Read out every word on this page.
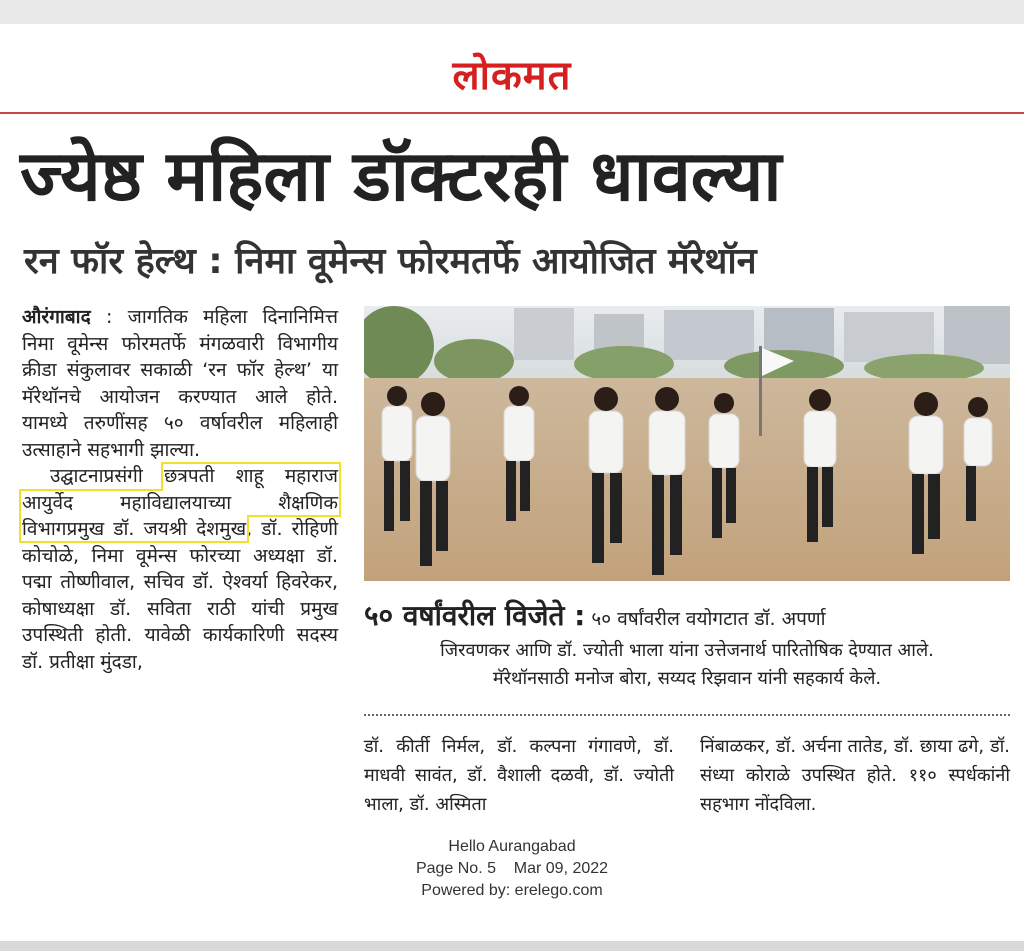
लोकमत
ज्येष्ठ महिला डॉक्टरही धावल्या
रन फॉर हेल्थ : निमा वूमेन्स फोरमतर्फे आयोजित मॅरेथॉन

औरंगाबाद : जागतिक महिला दिनानिमित्त निमा वूमेन्स फोरमतर्फे मंगळवारी विभागीय क्रीडा संकुलावर सकाळी ‘रन फॉर हेल्थ’ या मॅरेथॉनचे आयोजन करण्यात आले होते. यामध्ये तरुणींसह ५० वर्षावरील महिलाही उत्साहाने सहभागी झाल्या.

उद्घाटनाप्रसंगी छत्रपती शाहू महाराज आयुर्वेद महाविद्यालयाच्या शैक्षणिक विभागप्रमुख डॉ. जयश्री देशमुख, डॉ. रोहिणी कोचोळे, निमा वूमेन्स फोरच्या अध्यक्षा डॉ. पद्मा तोष्णीवाल, सचिव डॉ. ऐश्वर्या हिवरेकर, कोषाध्यक्षा डॉ. सविता राठी यांची प्रमुख उपस्थिती होती. यावेळी कार्यकारिणी सदस्य डॉ. प्रतीक्षा मुंदडा,

५० वर्षांवरील विजेते : ५० वर्षांवरील वयोगटात डॉ. अपर्णा
जिरवणकर आणि डॉ. ज्योती भाला यांना उत्तेजनार्थ पारितोषिक देण्यात आले.
मॅरेथॉनसाठी मनोज बोरा, सय्यद रिझवान यांनी सहकार्य केले.

डॉ. कीर्ती निर्मल, डॉ. कल्पना गंगावणे, डॉ. माधवी सावंत, डॉ. वैशाली दळवी, डॉ. ज्योती भाला, डॉ. अस्मिता

निंबाळकर, डॉ. अर्चना तातेड, डॉ. छाया ढगे, डॉ. संध्या कोराळे उपस्थित होते. ११० स्पर्धकांनी सहभाग नोंदविला.

Hello Aurangabad
Page No. 5    Mar 09, 2022
Powered by: erelego.com
